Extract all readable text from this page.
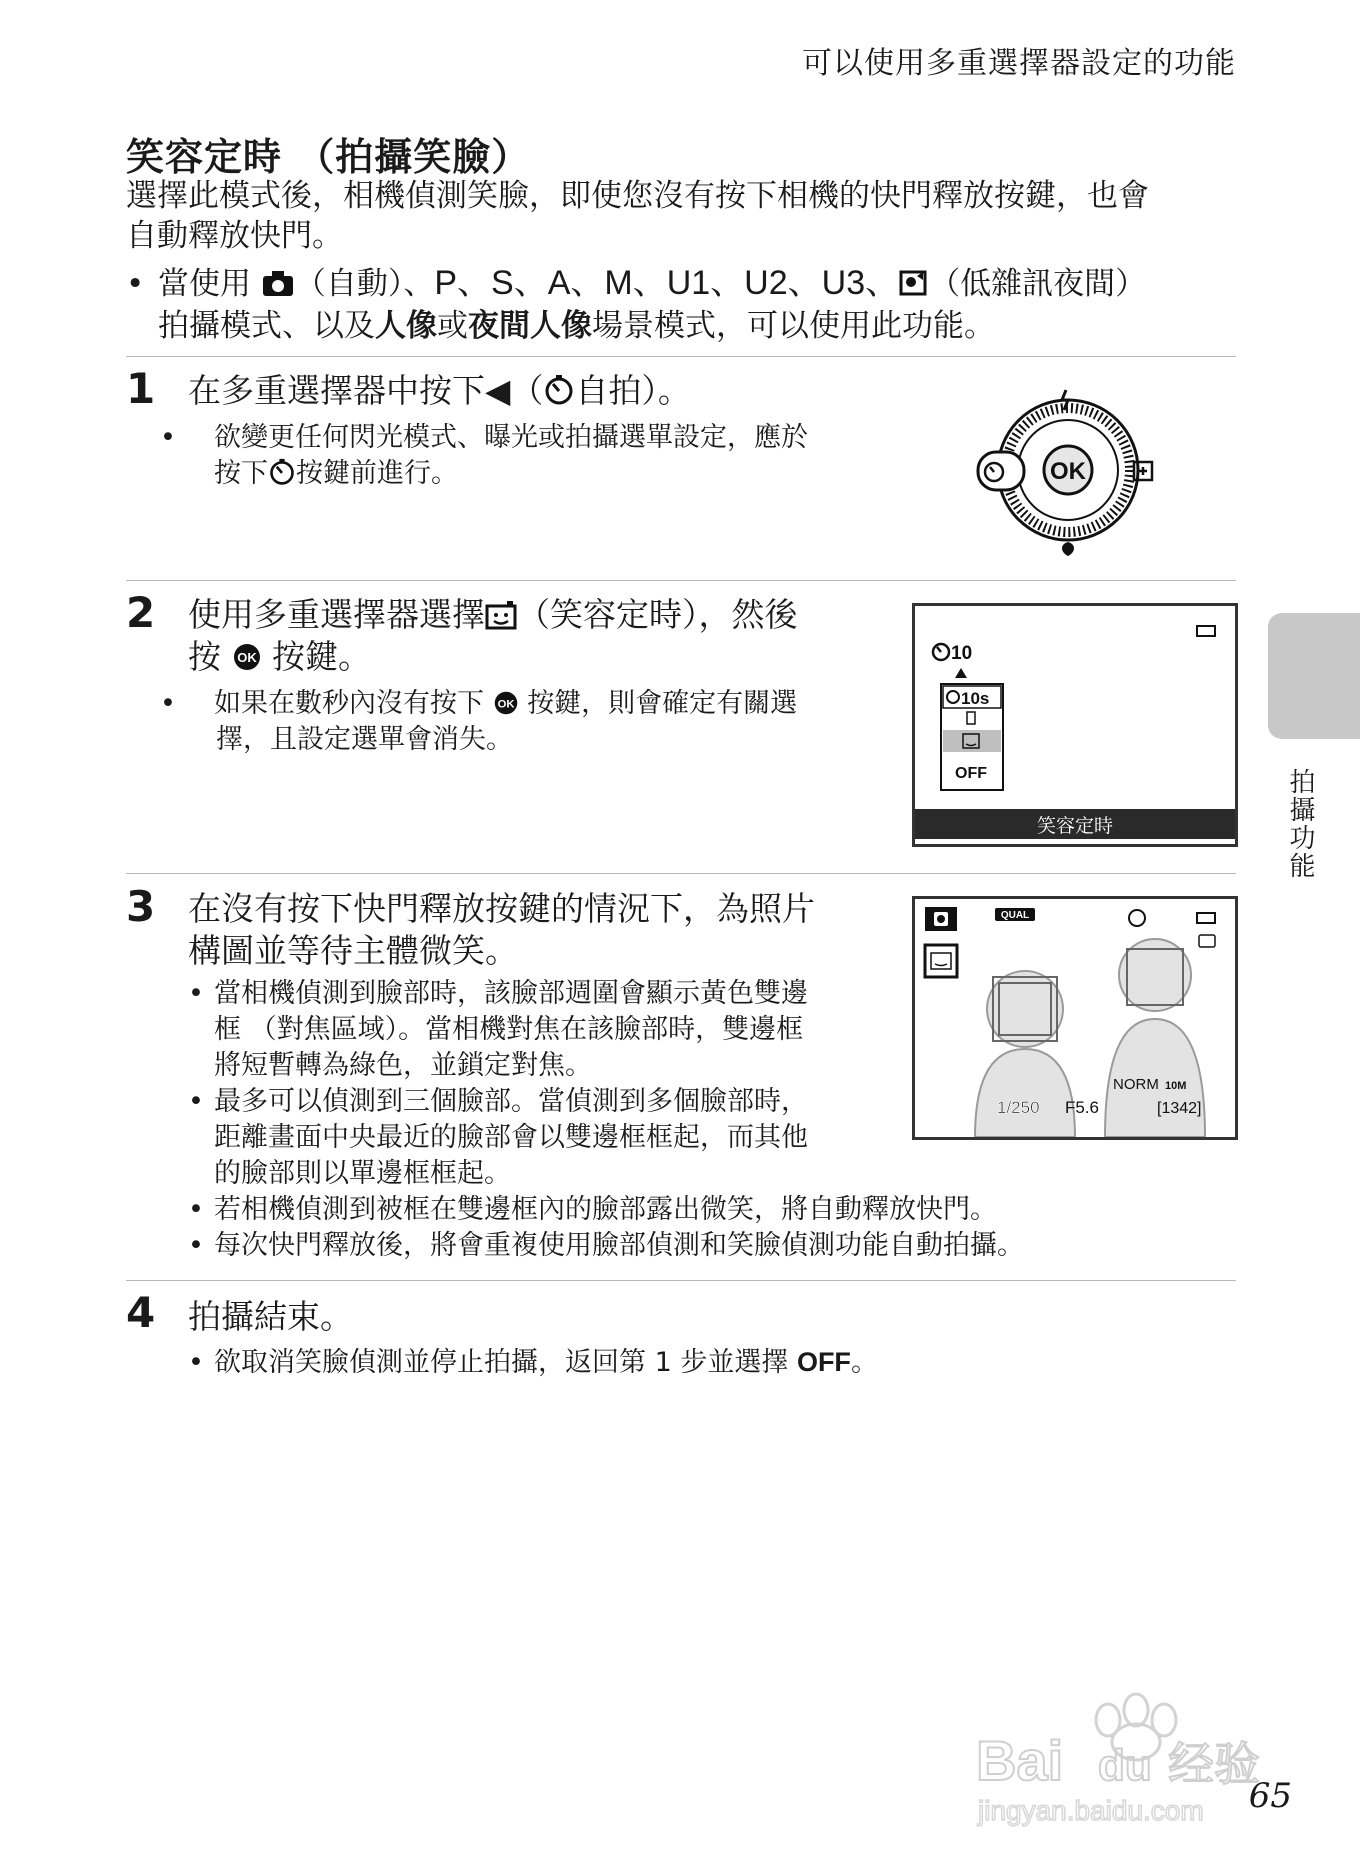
可以使用多重選擇器設定的功能
笑容定時 （拍攝笑臉）
選擇此模式後，相機偵測笑臉，即使您沒有按下相機的快門釋放按鍵，也會
自動釋放快門。
• 當使用 （自動）、P、S、A、M、U1、U2、U3、 （低雜訊夜間）
拍攝模式、以及人像或夜間人像場景模式，可以使用此功能。
1 在多重選擇器中按下◀（ 自拍）。
• 欲變更任何閃光模式、曝光或拍攝選單設定，應於
按下 按鍵前進行。	OK
2 使用多重選擇器選擇 （笑容定時），然後
按 OK 按鍵。
• 如果在數秒內沒有按下 OK 按鍵，則會確定有關選
擇，且設定選單會消失。
10
10s
OFF
笑容定時
3 在沒有按下快門釋放按鍵的情況下，為照片
構圖並等待主體微笑。
• 當相機偵測到臉部時，該臉部週圍會顯示黃色雙邊
框 （對焦區域）。當相機對焦在該臉部時，雙邊框
將短暫轉為綠色，並鎖定對焦。
• 最多可以偵測到三個臉部。當偵測到多個臉部時，
距離畫面中央最近的臉部會以雙邊框框起，而其他
的臉部則以單邊框框起。
• 若相機偵測到被框在雙邊框內的臉部露出微笑，將自動釋放快門。
• 每次快門釋放後，將會重複使用臉部偵測和笑臉偵測功能自動拍攝。
QUAL
1/250 F5.6
NORM 10M
[1342]
4 拍攝結束。
• 欲取消笑臉偵測並停止拍攝，返回第 1 步並選擇 OFF。
拍攝功能
Bai du 经验
jingyan.baidu.com 65
